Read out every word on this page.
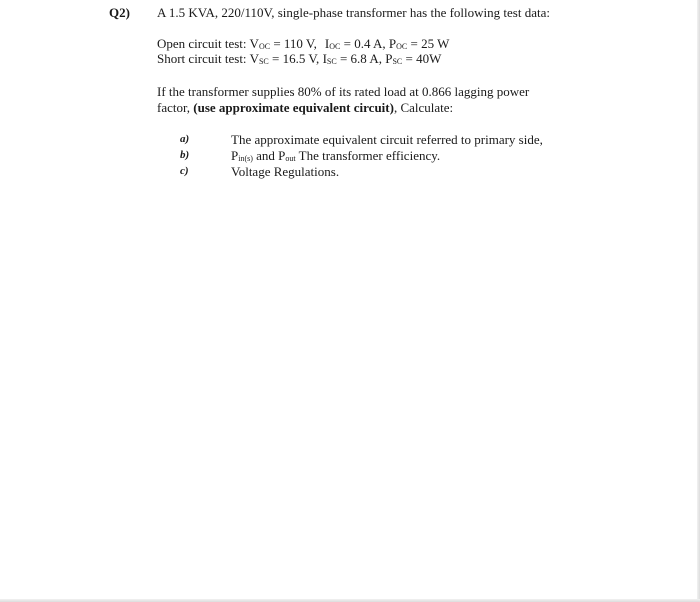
Q2) A 1.5 KVA, 220/110V, single-phase transformer has the following test data:
Open circuit test: VOC = 110 V, IOC = 0.4 A, POC = 25 W
Short circuit test: VSC = 16.5 V, ISC = 6.8 A, PSC = 40W
If the transformer supplies 80% of its rated load at 0.866 lagging power
factor, (use approximate equivalent circuit), Calculate:
a)	The approximate equivalent circuit referred to primary side,
b)	Pin(s) and Pout The transformer efficiency.
c)	Voltage Regulations.
